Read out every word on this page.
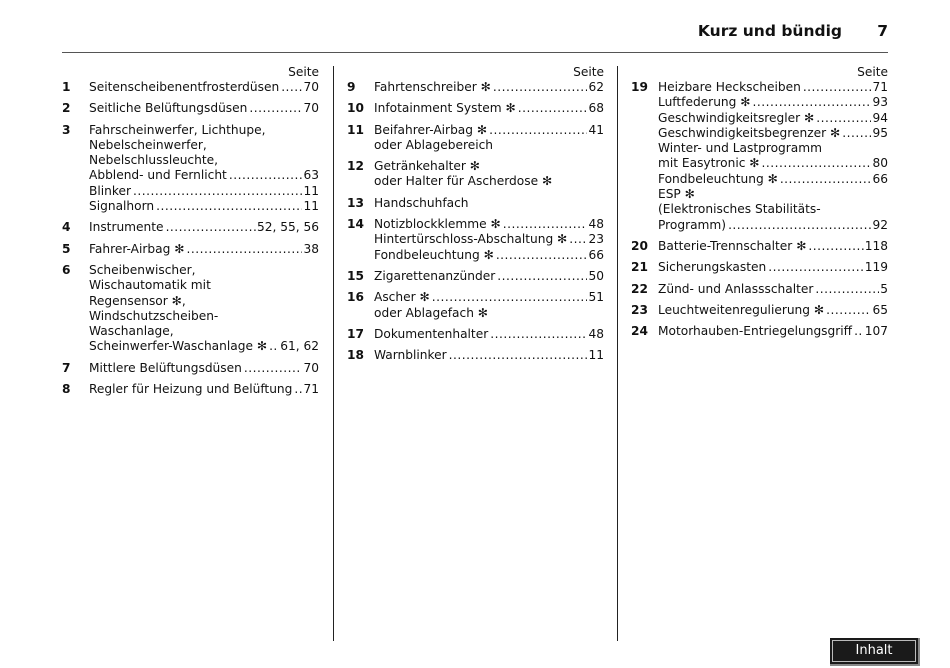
Kurz und bündig 7
Seite
1 Seitenscheibenentfrosterdüsen ..... 70
2 Seitliche Belüftungsdüsen .....	70
3 Fahrscheinwerfer, Lichthupe,
Nebelscheinwerfer,
Nebelschlussleuchte,
Abblend- und Fernlicht .....	63
Blinker .....	11
Signalhorn .....	11
4 Instrumente .....	52, 55, 56
5 Fahrer-Airbag ✻ .....	38
6 Scheibenwischer,
Wischautomatik mit
Regensensor ✻,
Windschutzscheiben-
Waschanlage,
Scheinwerfer-Waschanlage ✻ ..... 61, 62
7 Mittlere Belüftungsdüsen .....	70
8 Regler für Heizung und Belüftung ..... 71
Seite
9 Fahrtenschreiber ✻ .....	62
10 Infotainment System ✻ .....	68
11 Beifahrer-Airbag ✻ .....	41
oder Ablagebereich
12 Getränkehalter ✻
oder Halter für Ascherdose ✻
13 Handschuhfach
14 Notizblockklemme ✻ .....	48
Hintertürschloss-Abschaltung ✻ ..... 23
Fondbeleuchtung ✻ .....	66
15 Zigarettenanzünder .....	50
16 Ascher ✻ .....	51
oder Ablagefach ✻
17 Dokumentenhalter .....	48
18 Warnblinker .....	11
Seite
19 Heizbare Heckscheiben .....	71
Luftfederung ✻ .....	93
Geschwindigkeitsregler ✻ .....	94
Geschwindigkeitsbegrenzer ✻ .....	95
Winter- und Lastprogramm
mit Easytronic ✻ .....	80
Fondbeleuchtung ✻ .....	66
ESP ✻
(Elektronisches Stabilitäts-
Programm) .....	92
20 Batterie-Trennschalter ✻ .....	118
21 Sicherungskasten .....	119
22 Zünd- und Anlassschalter .....	5
23 Leuchtweitenregulierung ✻ .....	65
24 Motorhauben-Entriegelungsgriff ..... 107
Inhalt
